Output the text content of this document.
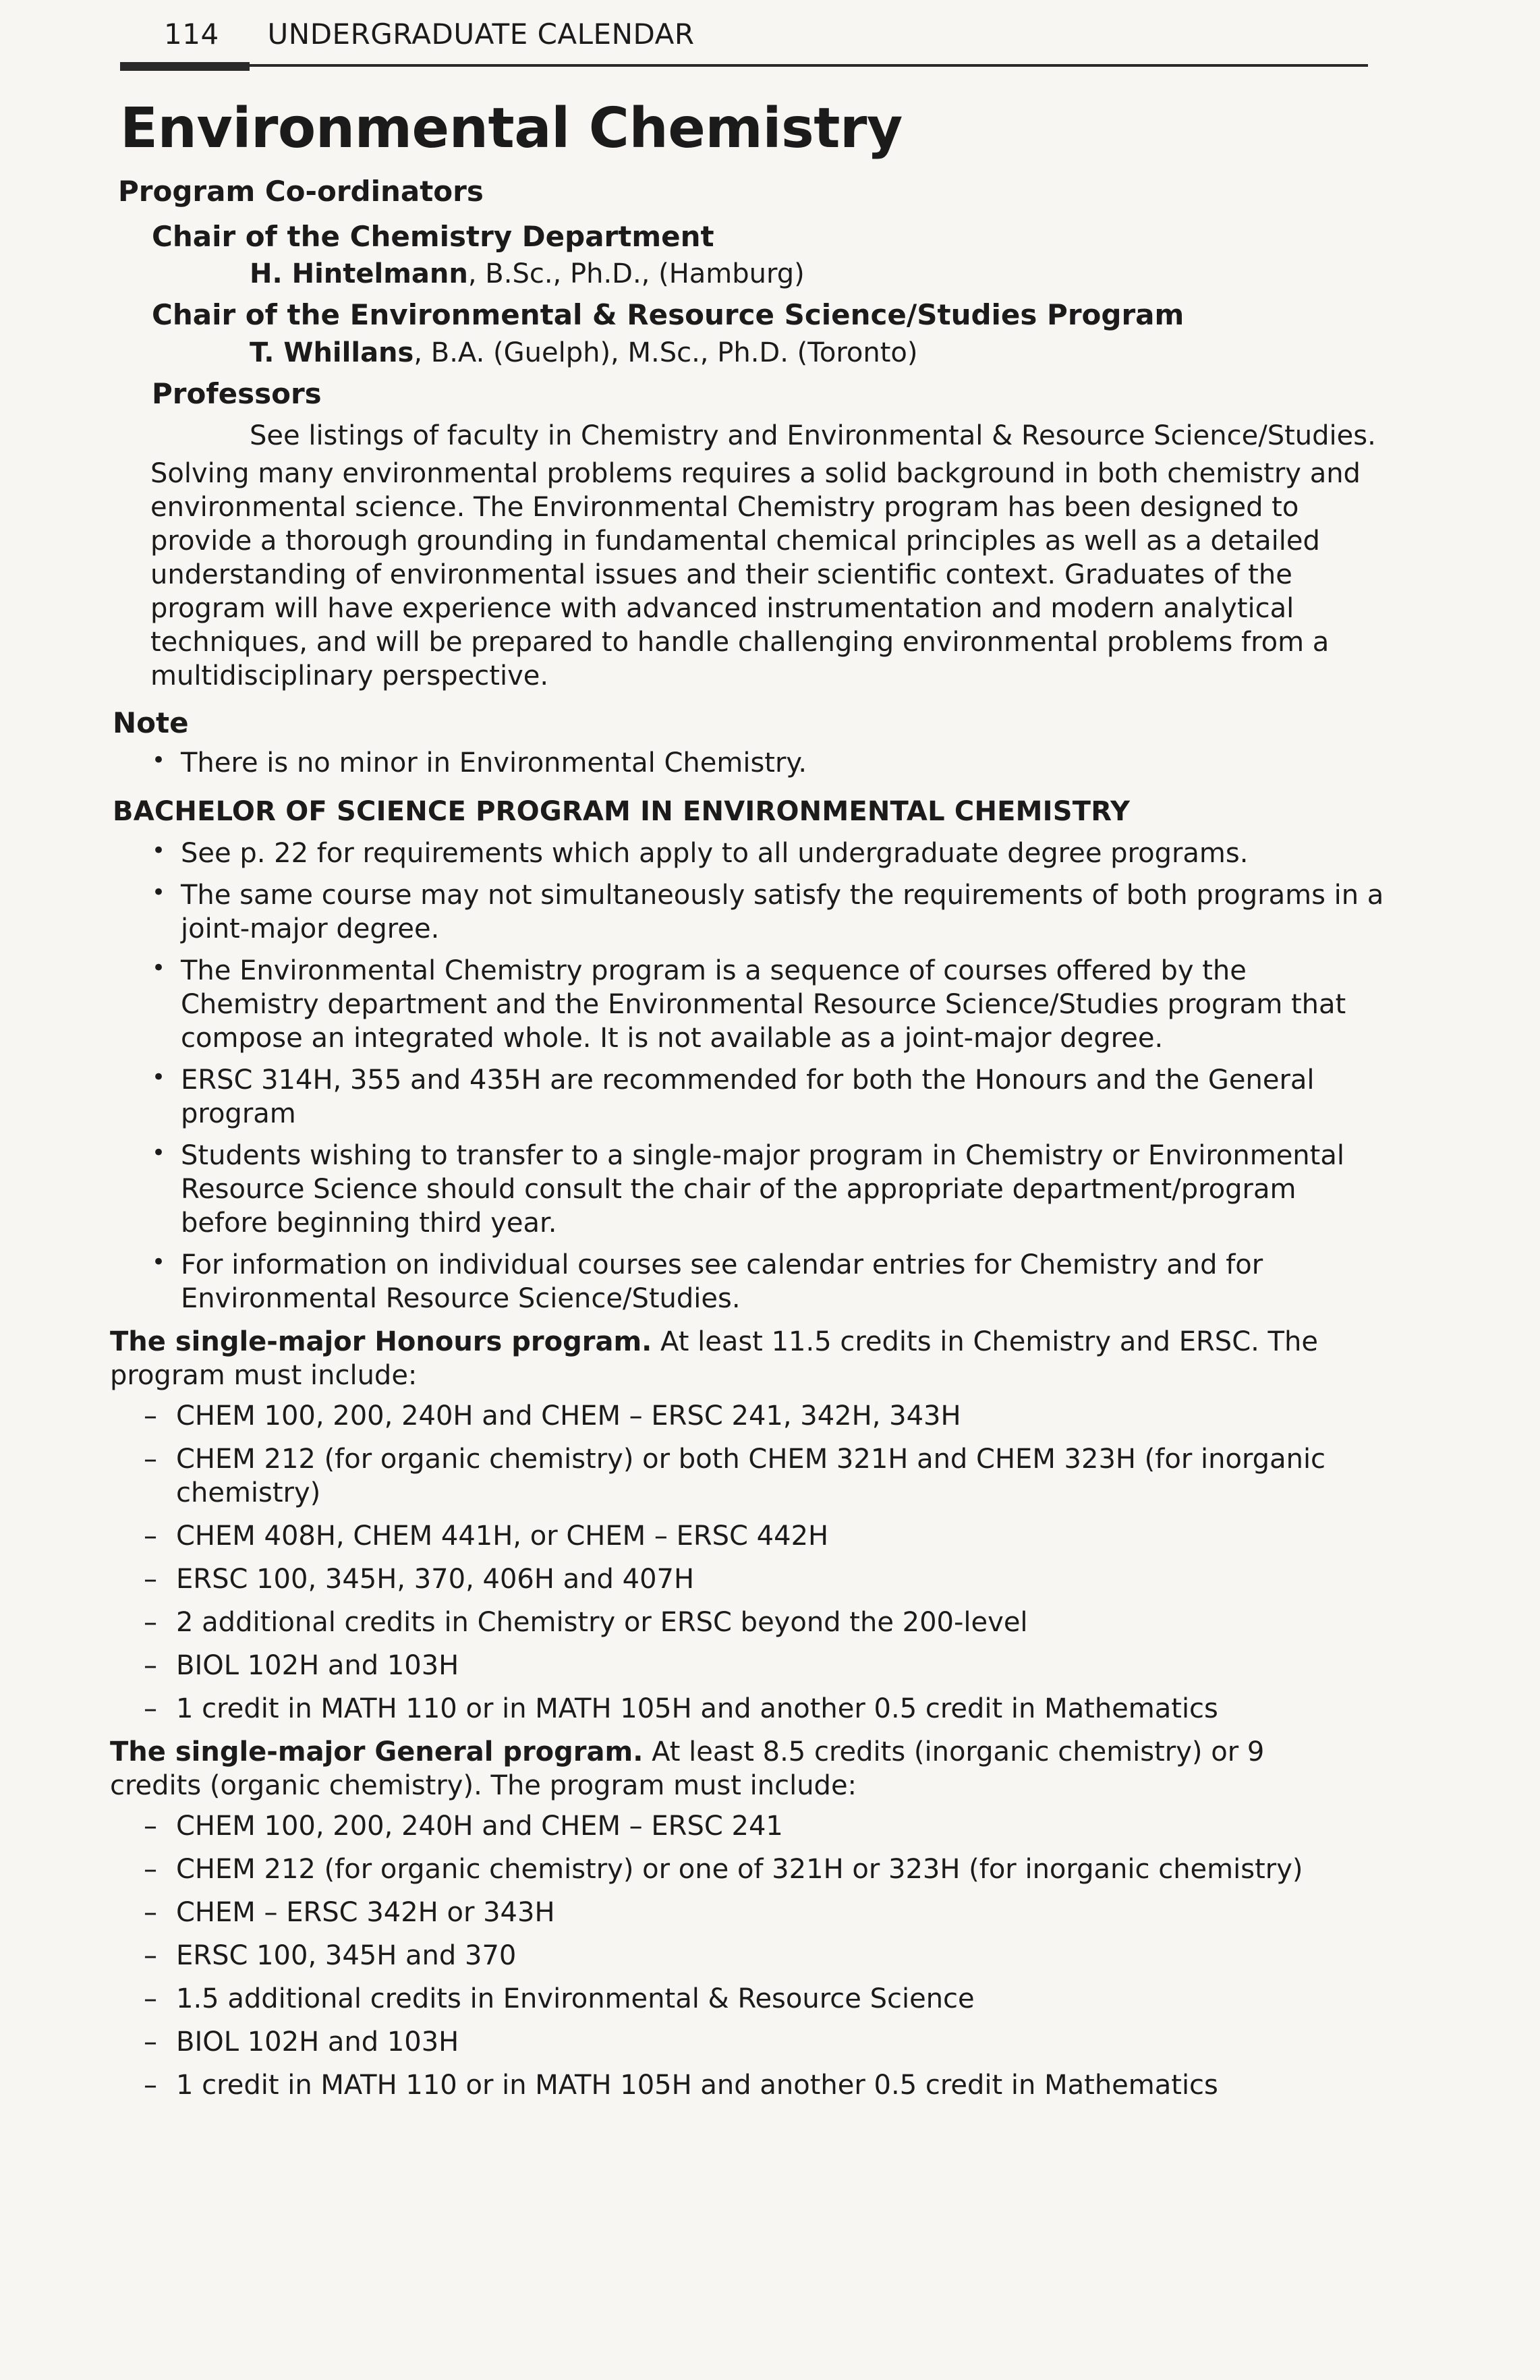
114 UNDERGRADUATE CALENDAR
Environmental Chemistry
Program Co-ordinators
Chair of the Chemistry Department
H. Hintelmann, B.Sc., Ph.D., (Hamburg)
Chair of the Environmental & Resource Science/Studies Program
T. Whillans, B.A. (Guelph), M.Sc., Ph.D. (Toronto)
Professors
See listings of faculty in Chemistry and Environmental & Resource Science/Studies.

Solving many environmental problems requires a solid background in both chemistry and environmental science. The Environmental Chemistry program has been designed to provide a thorough grounding in fundamental chemical principles as well as a detailed understanding of environmental issues and their scientific context. Graduates of the program will have experience with advanced instrumentation and modern analytical techniques, and will be prepared to handle challenging environmental problems from a multidisciplinary perspective.

Note
• There is no minor in Environmental Chemistry.
BACHELOR OF SCIENCE PROGRAM IN ENVIRONMENTAL CHEMISTRY
• See p. 22 for requirements which apply to all undergraduate degree programs.
• The same course may not simultaneously satisfy the requirements of both programs in a joint-major degree.
• The Environmental Chemistry program is a sequence of courses offered by the Chemistry department and the Environmental Resource Science/Studies program that compose an integrated whole. It is not available as a joint-major degree.
• ERSC 314H, 355 and 435H are recommended for both the Honours and the General program
• Students wishing to transfer to a single-major program in Chemistry or Environmental Resource Science should consult the chair of the appropriate department/program before beginning third year.
• For information on individual courses see calendar entries for Chemistry and for Environmental Resource Science/Studies.

The single-major Honours program. At least 11.5 credits in Chemistry and ERSC. The program must include:

– CHEM 100, 200, 240H and CHEM – ERSC 241, 342H, 343H
– CHEM 212 (for organic chemistry) or both CHEM 321H and CHEM 323H (for inorganic chemistry)
– CHEM 408H, CHEM 441H, or CHEM – ERSC 442H
– ERSC 100, 345H, 370, 406H and 407H
– 2 additional credits in Chemistry or ERSC beyond the 200-level
– BIOL 102H and 103H
– 1 credit in MATH 110 or in MATH 105H and another 0.5 credit in Mathematics

The single-major General program. At least 8.5 credits (inorganic chemistry) or 9 credits (organic chemistry). The program must include:

– CHEM 100, 200, 240H and CHEM – ERSC 241
– CHEM 212 (for organic chemistry) or one of 321H or 323H (for inorganic chemistry)
– CHEM – ERSC 342H or 343H
– ERSC 100, 345H and 370
– 1.5 additional credits in Environmental & Resource Science
– BIOL 102H and 103H
– 1 credit in MATH 110 or in MATH 105H and another 0.5 credit in Mathematics
